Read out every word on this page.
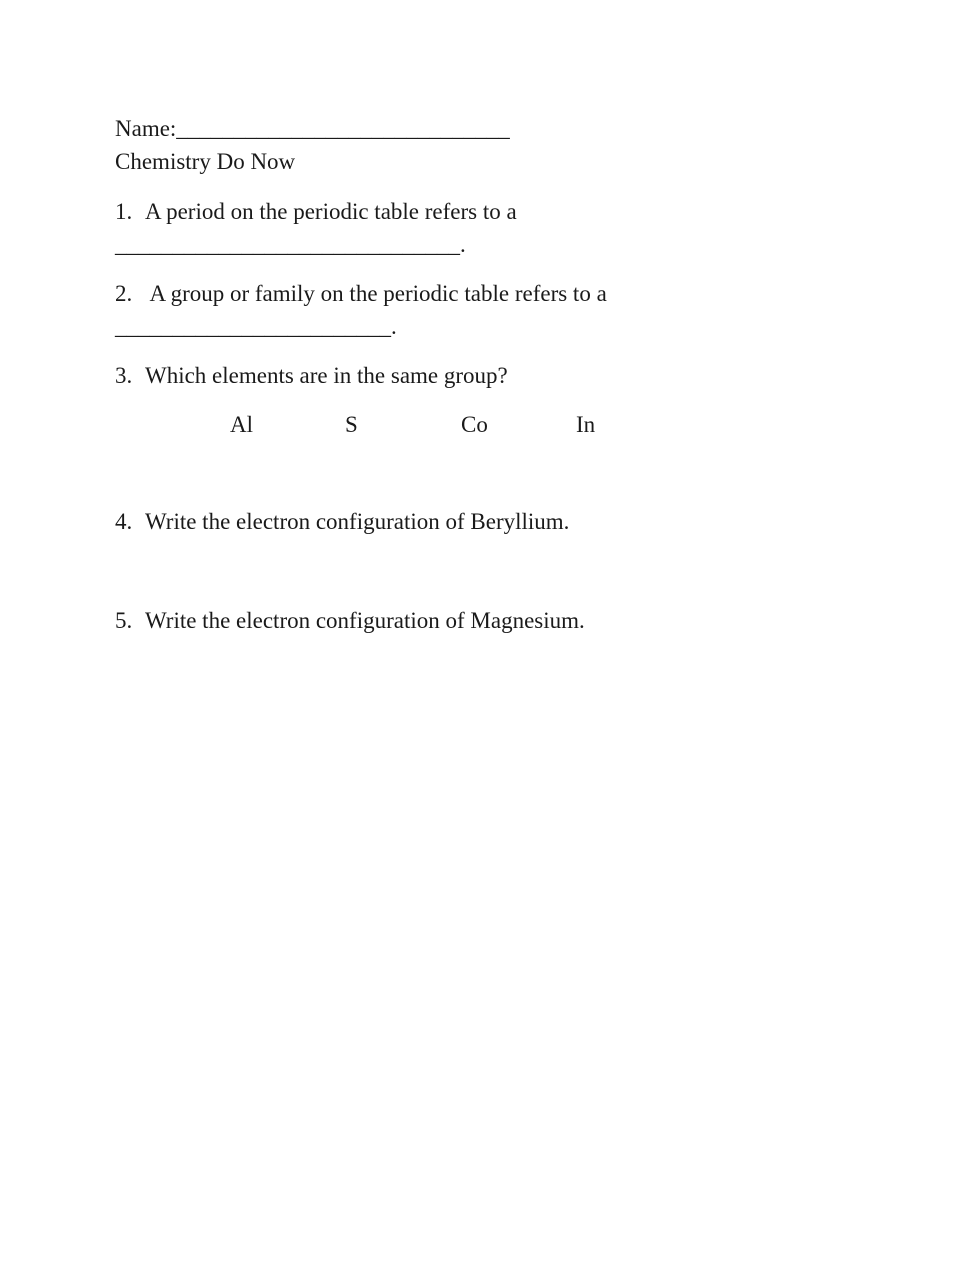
Name:_____________________________

Chemistry Do Now

1. A period on the periodic table refers to a

______________________________.

2. A group or family on the periodic table refers to a

________________________.

3. Which elements are in the same group?

Al	S	Co	In

4. Write the electron configuration of Beryllium.

5. Write the electron configuration of Magnesium.
